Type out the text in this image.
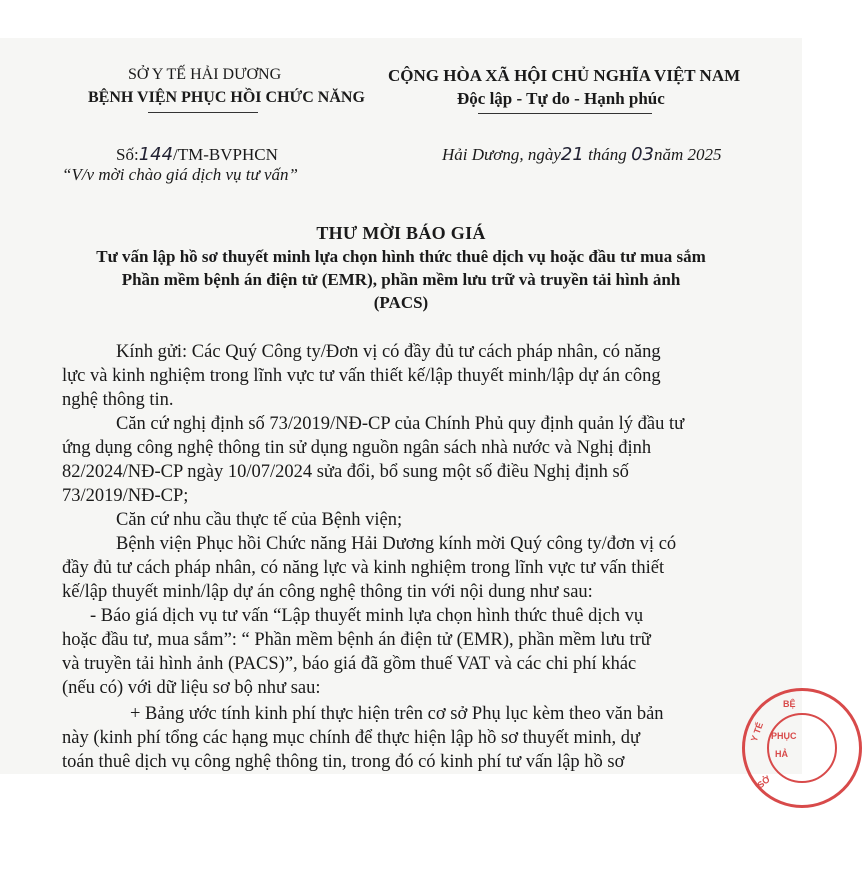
SỞ Y TẾ HẢI DƯƠNG
BỆNH VIỆN PHỤC HỒI CHỨC NĂNG
CỘNG HÒA XÃ HỘI CHỦ NGHĨA VIỆT NAM
Độc lập - Tự do - Hạnh phúc
Số:144/TM-BVPHCN
“V/v mời chào giá dịch vụ tư vấn”
Hải Dương, ngày21 tháng 03năm 2025
THƯ MỜI BÁO GIÁ
Tư vấn lập hồ sơ thuyết minh lựa chọn hình thức thuê dịch vụ hoặc đầu tư mua sắm
Phần mềm bệnh án điện tử (EMR), phần mềm lưu trữ và truyền tải hình ảnh
(PACS)
Kính gửi: Các Quý Công ty/Đơn vị có đầy đủ tư cách pháp nhân, có năng
lực và kinh nghiệm trong lĩnh vực tư vấn thiết kế/lập thuyết minh/lập dự án công
nghệ thông tin.
Căn cứ nghị định số 73/2019/NĐ-CP của Chính Phủ quy định quản lý đầu tư
ứng dụng công nghệ thông tin sử dụng nguồn ngân sách nhà nước và Nghị định
82/2024/NĐ-CP ngày 10/07/2024 sửa đổi, bổ sung một số điều Nghị định số
73/2019/NĐ-CP;
Căn cứ nhu cầu thực tế của Bệnh viện;
Bệnh viện Phục hồi Chức năng Hải Dương kính mời Quý công ty/đơn vị có
đầy đủ tư cách pháp nhân, có năng lực và kinh nghiệm trong lĩnh vực tư vấn thiết
kế/lập thuyết minh/lập dự án công nghệ thông tin với nội dung như sau:
- Báo giá dịch vụ tư vấn “Lập thuyết minh lựa chọn hình thức thuê dịch vụ
hoặc đầu tư, mua sắm”: “ Phần mềm bệnh án điện tử (EMR), phần mềm lưu trữ
và truyền tải hình ảnh (PACS)”, báo giá đã gồm thuế VAT và các chi phí khác
(nếu có) với dữ liệu sơ bộ như sau:
+ Bảng ước tính kinh phí thực hiện trên cơ sở Phụ lục kèm theo văn bản
này (kinh phí tổng các hạng mục chính để thực hiện lập hồ sơ thuyết minh, dự
toán thuê dịch vụ công nghệ thông tin, trong đó có kinh phí tư vấn lập hồ sơ
BỆ
PHỤC
HẢ
Y TẾ
SỞ
